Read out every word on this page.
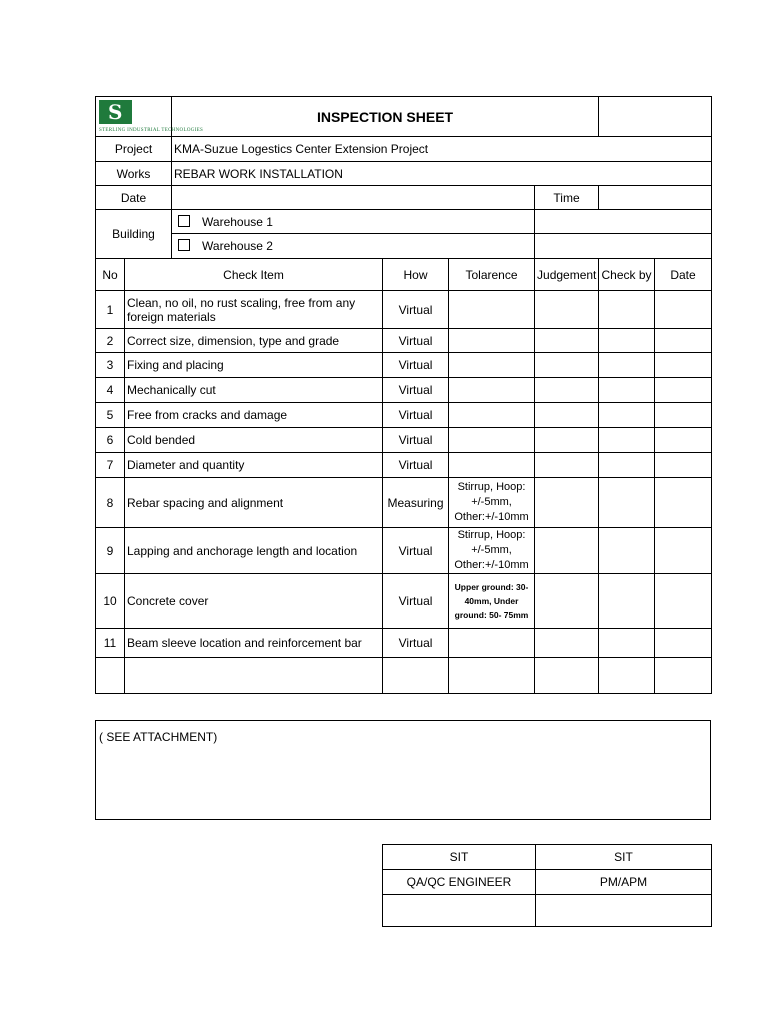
S
STERLING INDUSTRIAL TECHNOLOGIES		INSPECTION SHEET					
Project		KMA-Suzue Logestics Center Extension Project					
Works		REBAR WORK INSTALLATION					
Date					Time		
Building		Warehouse 1					
		Warehouse 2					
No	Check Item		How	Tolarence	Judgement	Check by	Date
1	Clean, no oil, no rust scaling, free from any foreign materials		Virtual				
2	Correct size, dimension, type and grade		Virtual				
3	Fixing and placing		Virtual				
4	Mechanically cut		Virtual				
5	Free from cracks and damage		Virtual				
6	Cold bended		Virtual				
7	Diameter and quantity		Virtual				
8	Rebar spacing and alignment		Measuring	Stirrup, Hoop: +/-5mm, Other:+/-10mm			
9	Lapping and anchorage length and location		Virtual	Stirrup, Hoop: +/-5mm, Other:+/-10mm			
10	Concrete cover		Virtual	Upper ground: 30-40mm, Under ground: 50- 75mm			
11	Beam sleeve location and reinforcement bar		Virtual				

( SEE ATTACHMENT)
SIT	SIT
QA/QC ENGINEER	PM/APM
